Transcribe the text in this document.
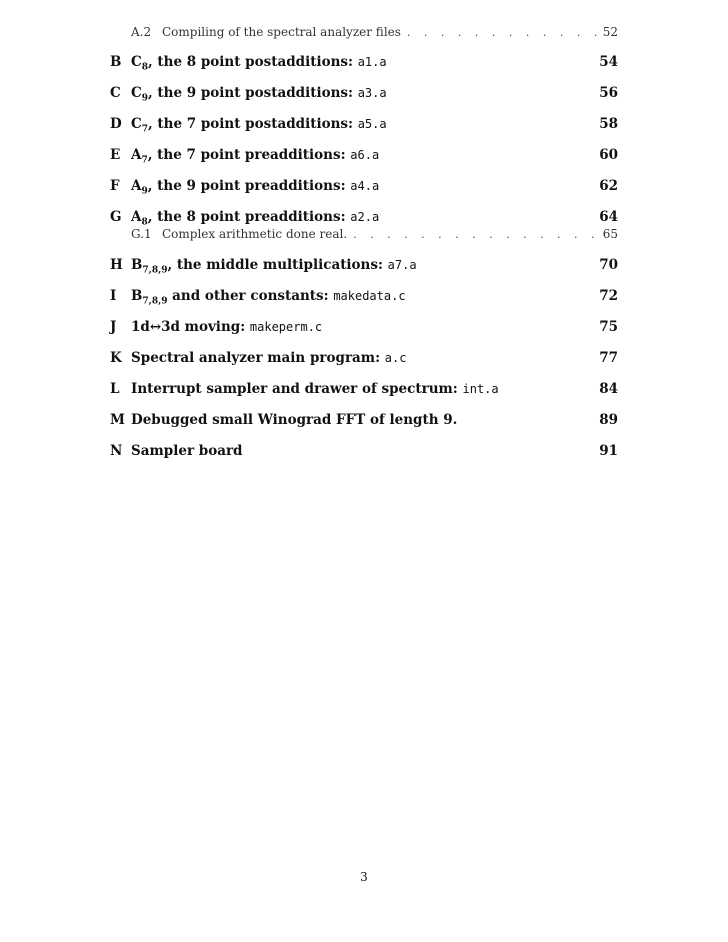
A.2 Compiling of the spectral analyzer files . . .	52
B $C_8$, the 8 point postadditions: a1.a	54
C $C_9$, the 9 point postadditions: a3.a	56
D $C_7$, the 7 point postadditions: a5.a	58
E $A_7$, the 7 point preadditions: a6.a	60
F $A_9$, the 9 point preadditions: a4.a	62
G $A_8$, the 8 point preadditions: a2.a	64
G.1 Complex arithmetic done real. . . .	65
H $B_{7,8,9}$, the middle multiplications: a7.a	70
I	$B_{7,8,9}$ and other constants: makedata.c	72
J	1d↔3d moving: makeperm.c	75
K Spectral analyzer main program: a.c	77
L Interrupt sampler and drawer of spectrum: int.a	84
M Debugged small Winograd FFT of length 9.	89
N Sampler board	91
3
